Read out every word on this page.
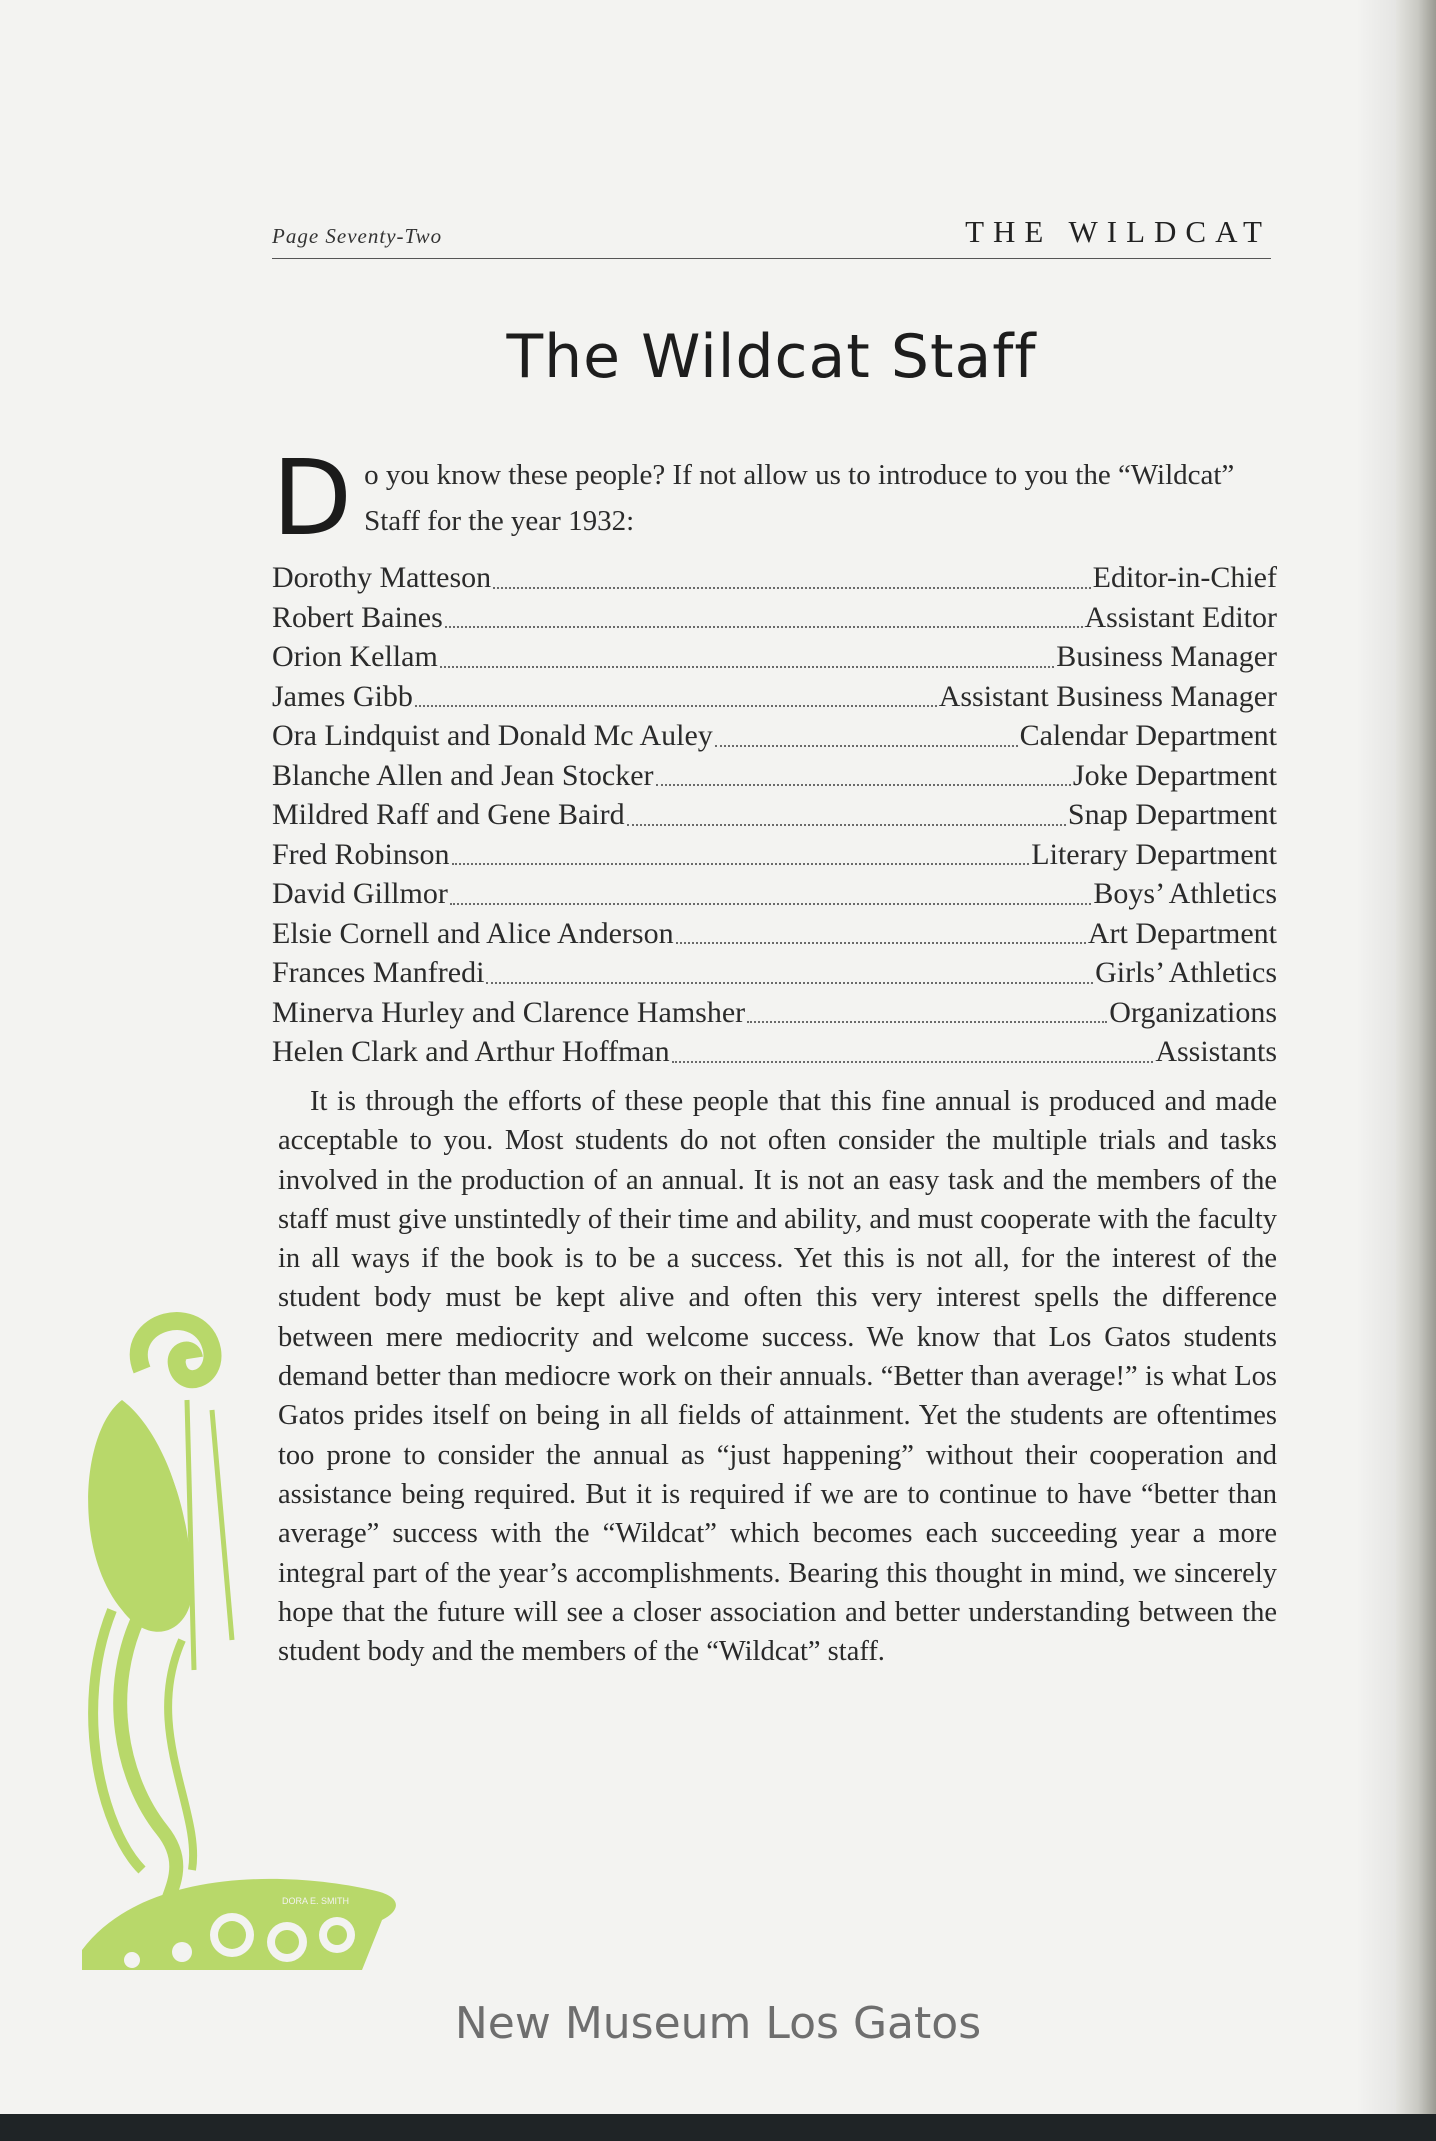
Page Seventy-Two	THE WILDCAT
The Wildcat Staff
D o you know these people? If not allow us to introduce to you the “Wildcat” Staff for the year 1932:
Dorothy Matteson	Editor-in-Chief
Robert Baines	Assistant Editor
Orion Kellam	Business Manager
James Gibb	Assistant Business Manager
Ora Lindquist and Donald Mc Auley	Calendar Department
Blanche Allen and Jean Stocker	Joke Department
Mildred Raff and Gene Baird	Snap Department
Fred Robinson	Literary Department
David Gillmor	Boys’ Athletics
Elsie Cornell and Alice Anderson	Art Department
Frances Manfredi	Girls’ Athletics
Minerva Hurley and Clarence Hamsher	Organizations
Helen Clark and Arthur Hoffman	Assistants
It is through the efforts of these people that this fine annual is produced and made acceptable to you. Most students do not often consider the multiple trials and tasks involved in the production of an annual. It is not an easy task and the members of the staff must give unstintedly of their time and ability, and must cooperate with the faculty in all ways if the book is to be a success. Yet this is not all, for the interest of the student body must be kept alive and often this very interest spells the difference between mere mediocrity and welcome success. We know that Los Gatos students demand better than mediocre work on their annuals. “Better than average!” is what Los Gatos prides itself on being in all fields of attainment. Yet the students are oftentimes too prone to consider the annual as “just happening” without their cooperation and assistance being required. But it is required if we are to continue to have “better than average” success with the “Wildcat” which becomes each succeeding year a more integral part of the year’s accomplishments. Bearing this thought in mind, we sincerely hope that the future will see a closer association and better understanding between the student body and the members of the “Wildcat” staff.
DORA E. SMITH
New Museum Los Gatos
